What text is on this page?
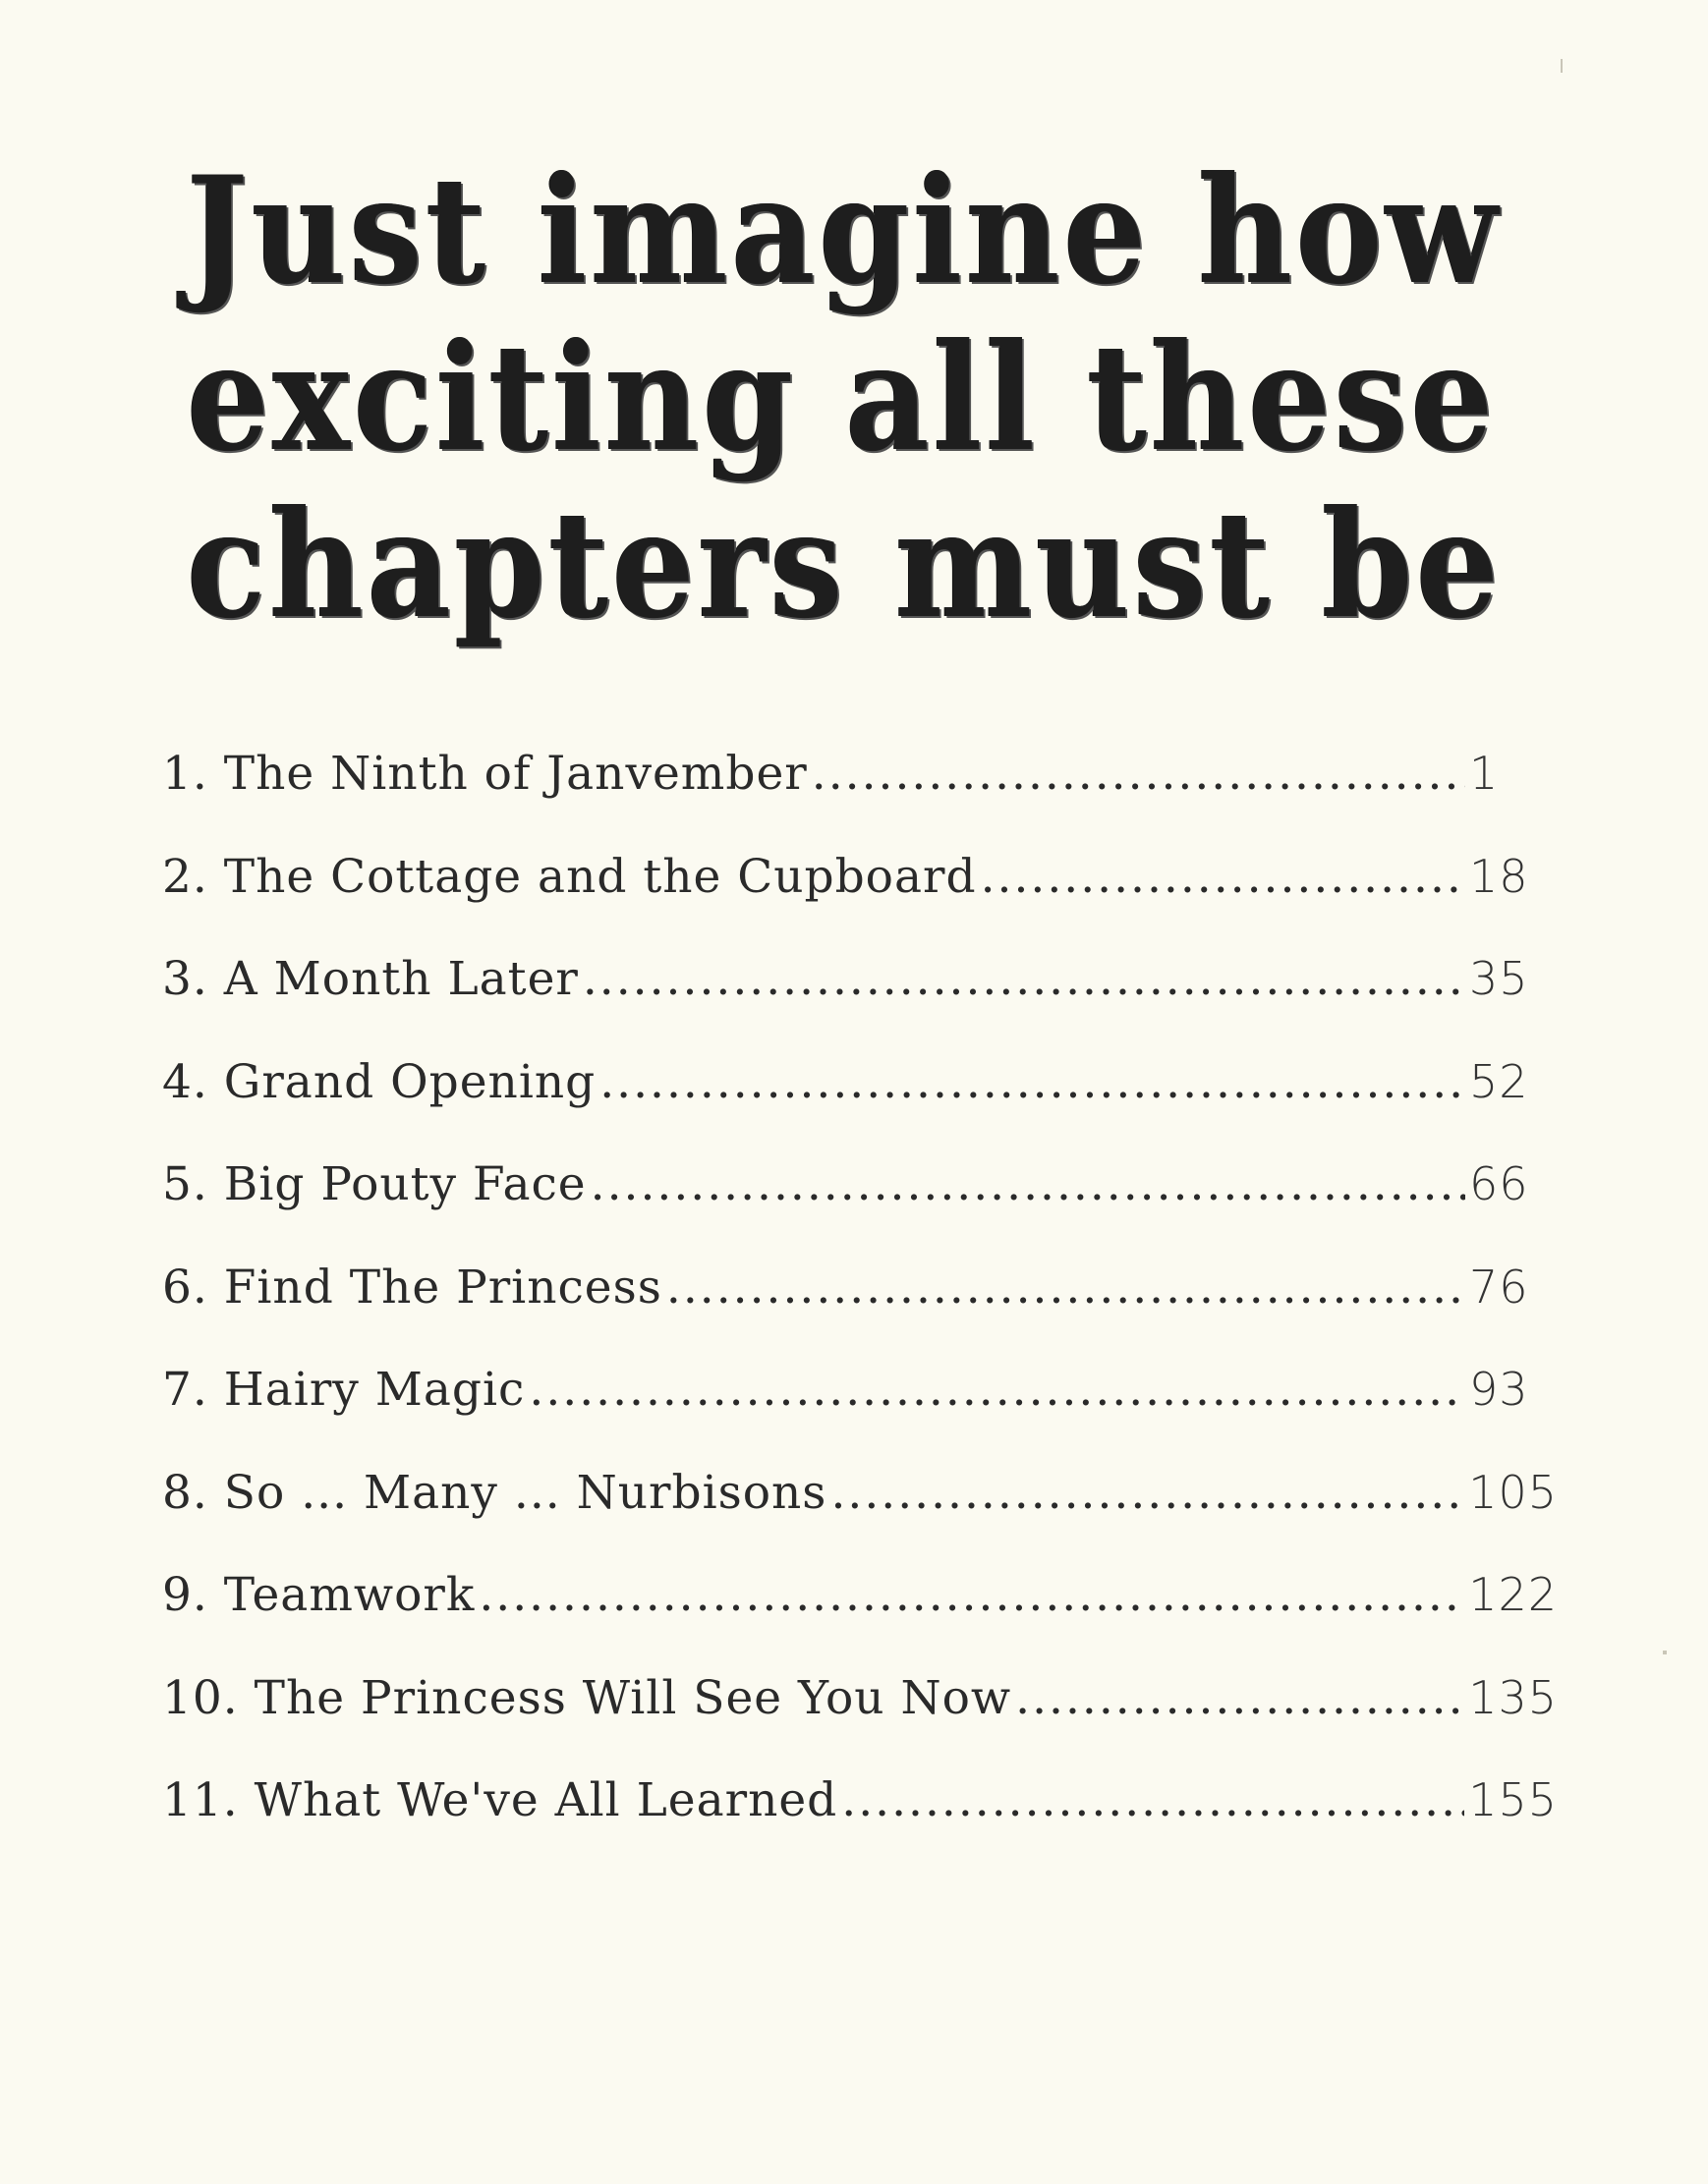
Just imagine how
exciting all these
chapters must be
1. The Ninth of Janvember .....	1
2. The Cottage and the Cupboard .....	18
3. A Month Later .....	35
4. Grand Opening .....	52
5. Big Pouty Face .....	66
6. Find The Princess .....	76
7. Hairy Magic .....	93
8. So ... Many ... Nurbisons .....	105
9. Teamwork .....	122
10. The Princess Will See You Now .....	135
11. What We've All Learned .....	155
